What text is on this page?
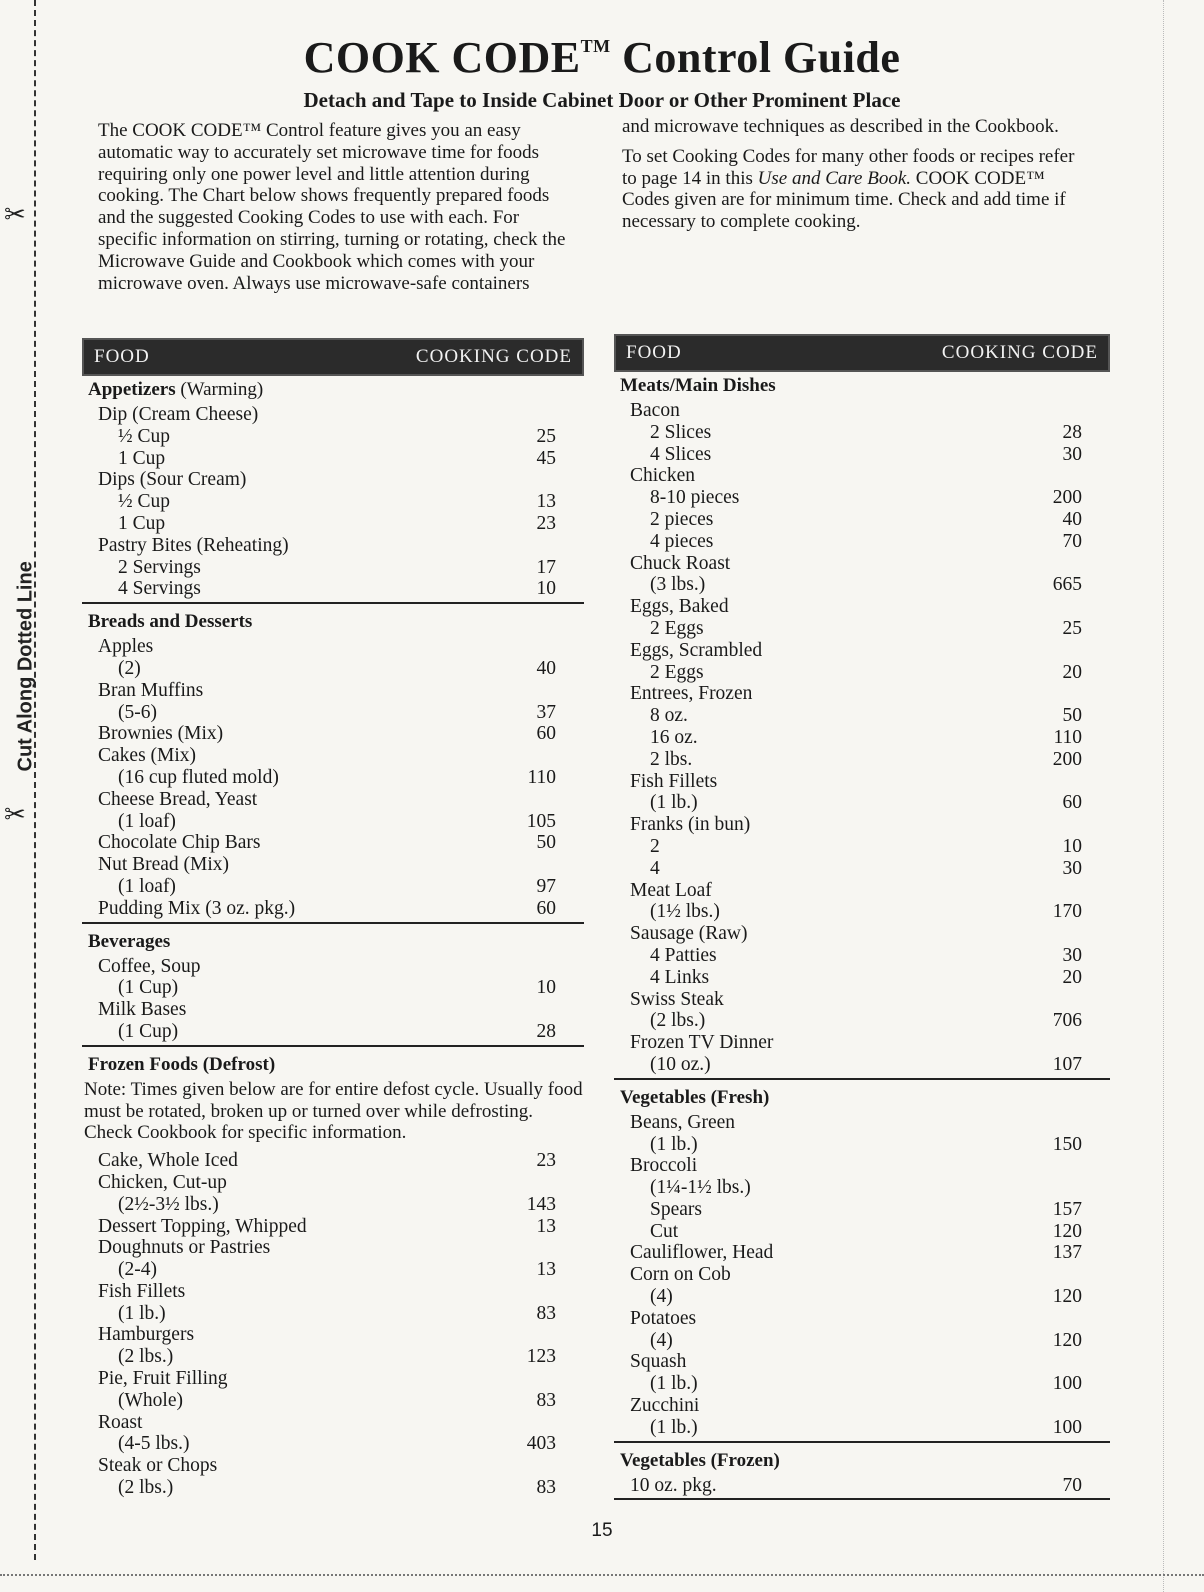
Cut Along Dotted Line
✂
✂
COOK CODE™ Control Guide
Detach and Tape to Inside Cabinet Door or Other Prominent Place

The COOK CODE™ Control feature gives you an easy automatic way to accurately set microwave time for foods requiring only one power level and little attention during cooking. The Chart below shows frequently prepared foods and the suggested Cooking Codes to use with each. For specific information on stirring, turning or rotating, check the Microwave Guide and Cookbook which comes with your microwave oven. Always use microwave-safe containers

and microwave techniques as described in the Cookbook.

To set Cooking Codes for many other foods or recipes refer to page 14 in this Use and Care Book. COOK CODE™ Codes given are for minimum time. Check and add time if necessary to complete cooking.

FOOD	COOKING CODE
Appetizers (Warming)
Dip (Cream Cheese)
½ Cup	25
1 Cup	45
Dips (Sour Cream)
½ Cup	13
1 Cup	23
Pastry Bites (Reheating)
2 Servings	17
4 Servings	10
Breads and Desserts
Apples
(2)	40
Bran Muffins
(5-6)	37
Brownies (Mix)	60
Cakes (Mix)
(16 cup fluted mold)	110
Cheese Bread, Yeast
(1 loaf)	105
Chocolate Chip Bars	50
Nut Bread (Mix)
(1 loaf)	97
Pudding Mix (3 oz. pkg.)	60
Beverages
Coffee, Soup
(1 Cup)	10
Milk Bases
(1 Cup)	28
Frozen Foods (Defrost)
Note: Times given below are for entire defost cycle. Usually food must be rotated, broken up or turned over while defrosting. Check Cookbook for specific information.
Cake, Whole Iced	23
Chicken, Cut-up
(2½-3½ lbs.)	143
Dessert Topping, Whipped	13
Doughnuts or Pastries
(2-4)	13
Fish Fillets
(1 lb.)	83
Hamburgers
(2 lbs.)	123
Pie, Fruit Filling
(Whole)	83
Roast
(4-5 lbs.)	403
Steak or Chops
(2 lbs.)	83
FOOD	COOKING CODE
Meats/Main Dishes
Bacon
2 Slices	28
4 Slices	30
Chicken
8-10 pieces	200
2 pieces	40
4 pieces	70
Chuck Roast
(3 lbs.)	665
Eggs, Baked
2 Eggs	25
Eggs, Scrambled
2 Eggs	20
Entrees, Frozen
8 oz.	50
16 oz.	110
2 lbs.	200
Fish Fillets
(1 lb.)	60
Franks (in bun)
2	10
4	30
Meat Loaf
(1½ lbs.)	170
Sausage (Raw)
4 Patties	30
4 Links	20
Swiss Steak
(2 lbs.)	706
Frozen TV Dinner
(10 oz.)	107
Vegetables (Fresh)
Beans, Green
(1 lb.)	150
Broccoli
(1¼-1½ lbs.)
Spears	157
Cut	120
Cauliflower, Head	137
Corn on Cob
(4)	120
Potatoes
(4)	120
Squash
(1 lb.)	100
Zucchini
(1 lb.)	100
Vegetables (Frozen)
10 oz. pkg.	70
15
